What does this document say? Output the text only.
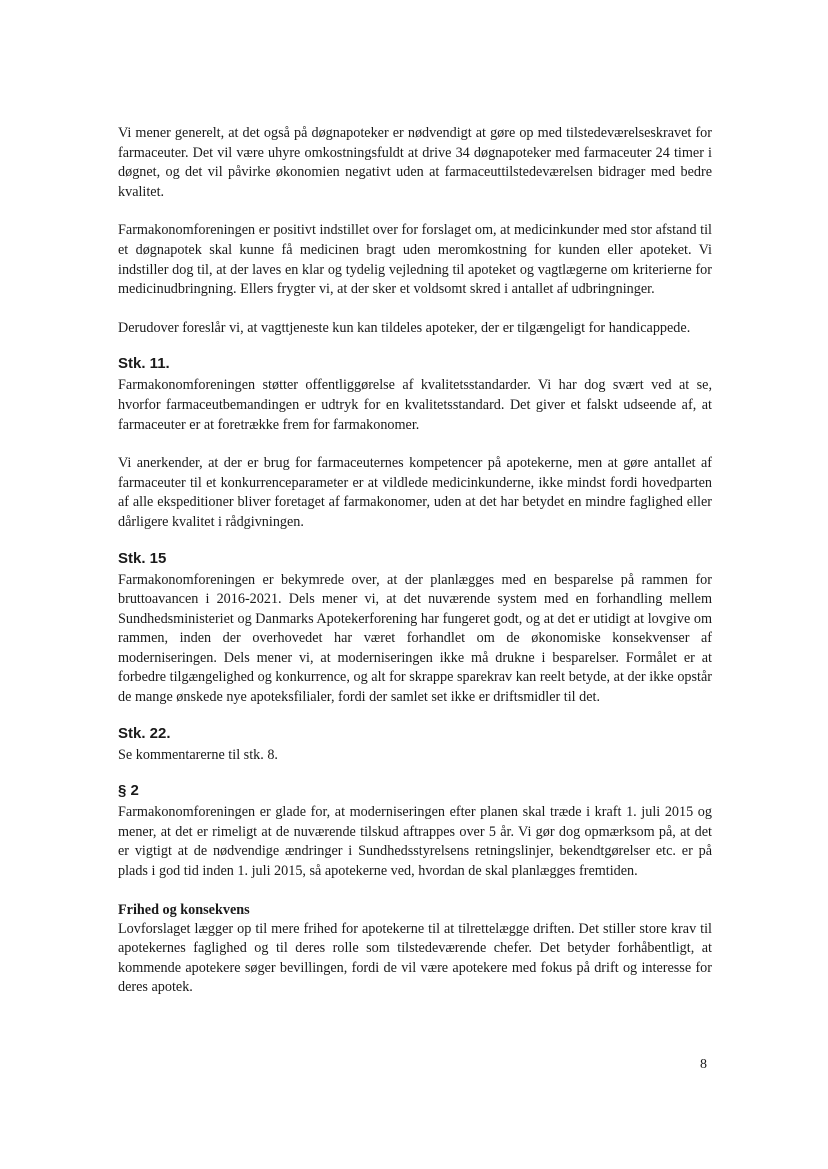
Vi mener generelt, at det også på døgnapoteker er nødvendigt at gøre op med tilstedeværelseskravet for farmaceuter. Det vil være uhyre omkostningsfuldt at drive 34 døgnapoteker med farmaceuter 24 timer i døgnet, og det vil påvirke økonomien negativt uden at farmaceuttilstedeværelsen bidrager med bedre kvalitet.

Farmakonomforeningen er positivt indstillet over for forslaget om, at medicinkunder med stor afstand til et døgnapotek skal kunne få medicinen bragt uden meromkostning for kunden eller apoteket. Vi indstiller dog til, at der laves en klar og tydelig vejledning til apoteket og vagtlægerne om kriterierne for medicinudbringning. Ellers frygter vi, at der sker et voldsomt skred i antallet af udbringninger.

Derudover foreslår vi, at vagttjeneste kun kan tildeles apoteker, der er tilgængeligt for handicappede.

Stk. 11.

Farmakonomforeningen støtter offentliggørelse af kvalitetsstandarder. Vi har dog svært ved at se, hvorfor farmaceutbemandingen er udtryk for en kvalitetsstandard. Det giver et falskt udseende af, at farmaceuter er at foretrække frem for farmakonomer.

Vi anerkender, at der er brug for farmaceuternes kompetencer på apotekerne, men at gøre antallet af farmaceuter til et konkurrenceparameter er at vildlede medicinkunderne, ikke mindst fordi hovedparten af alle ekspeditioner bliver foretaget af farmakonomer, uden at det har betydet en mindre faglighed eller dårligere kvalitet i rådgivningen.

Stk. 15

Farmakonomforeningen er bekymrede over, at der planlægges med en besparelse på rammen for bruttoavancen i 2016-2021. Dels mener vi, at det nuværende system med en forhandling mellem Sundhedsministeriet og Danmarks Apotekerforening har fungeret godt, og at det er utidigt at lovgive om rammen, inden der overhovedet har været forhandlet om de økonomiske konsekvenser af moderniseringen. Dels mener vi, at moderniseringen ikke må drukne i besparelser. Formålet er at forbedre tilgængelighed og konkurrence, og alt for skrappe sparekrav kan reelt betyde, at der ikke opstår de mange ønskede nye apoteksfilialer, fordi der samlet set ikke er driftsmidler til det.

Stk. 22.

Se kommentarerne til stk. 8.

§ 2

Farmakonomforeningen er glade for, at moderniseringen efter planen skal træde i kraft 1. juli 2015 og mener, at det er rimeligt at de nuværende tilskud aftrappes over 5 år. Vi gør dog opmærksom på, at det er vigtigt at de nødvendige ændringer i Sundhedsstyrelsens retningslinjer, bekendtgørelser etc. er på plads i god tid inden 1. juli 2015, så apotekerne ved, hvordan de skal planlægges fremtiden.

Frihed og konsekvens

Lovforslaget lægger op til mere frihed for apotekerne til at tilrettelægge driften. Det stiller store krav til apotekernes faglighed og til deres rolle som tilstedeværende chefer. Det betyder forhåbentligt, at kommende apotekere søger bevillingen, fordi de vil være apotekere med fokus på drift og interesse for deres apotek.

8
